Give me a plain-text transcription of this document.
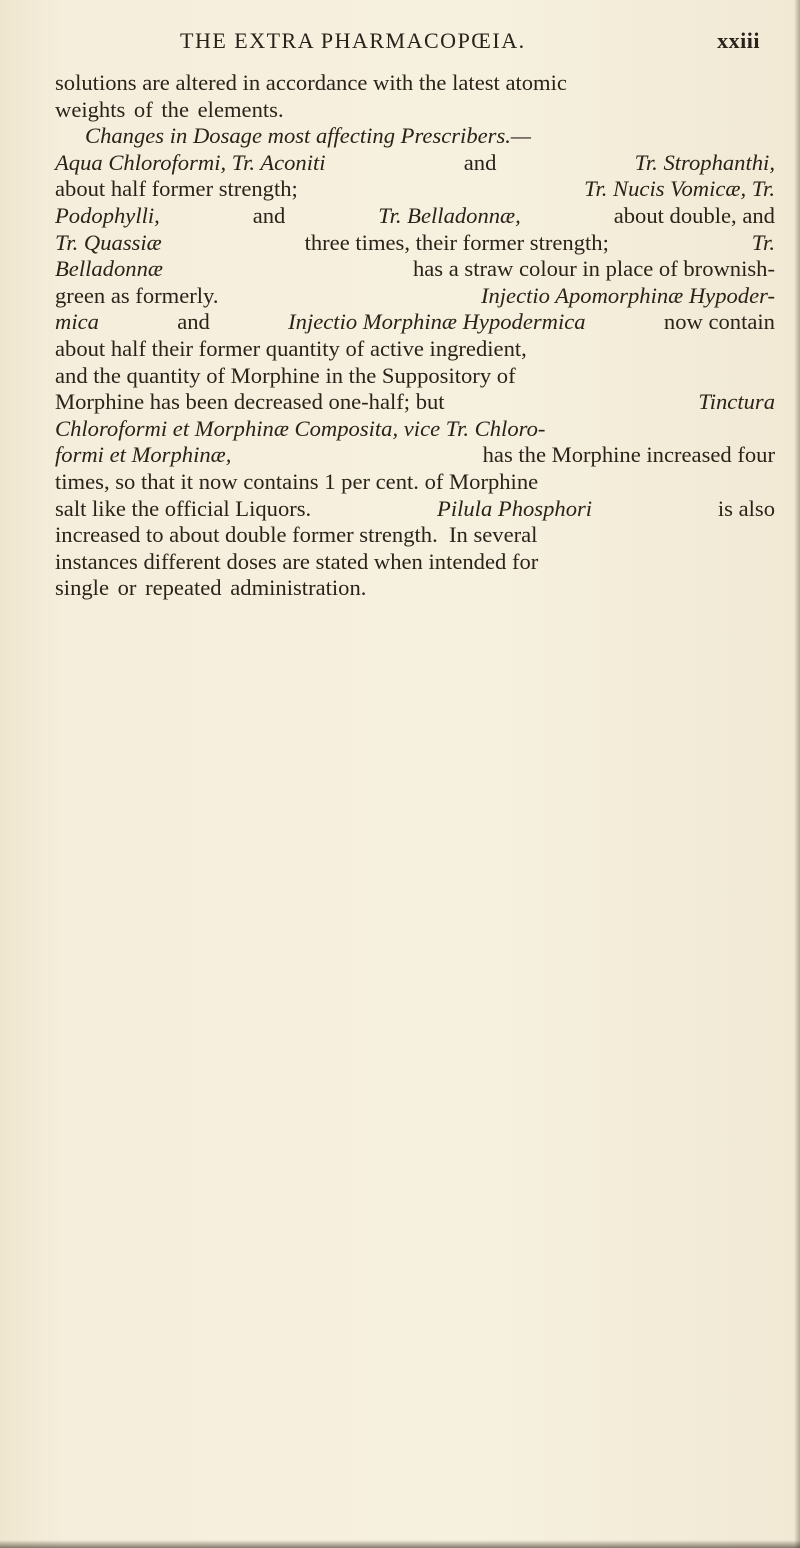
THE EXTRA PHARMACOPŒIA.	xxiii
solutions are altered in accordance with the latest atomic
weights of the elements.
Changes in Dosage most affecting Prescribers.—
Aqua Chloroformi, Tr. Aconiti	and	Tr. Strophanthi,
about half former strength;	Tr. Nucis Vomicæ, Tr.
Podophylli,	and	Tr. Belladonnæ,	about double, and
Tr. Quassiæ	three times, their former strength;	Tr.
Belladonnæ	has a straw colour in place of brownish-
green as formerly.	Injectio Apomorphinæ Hypoder-
mica	and	Injectio Morphinæ Hypodermica	now contain
about half their former quantity of active ingredient,
and the quantity of Morphine in the Suppository of
Morphine has been decreased one-half; but	Tinctura
Chloroformi et Morphinæ Composita, vice Tr. Chloro-
formi et Morphinæ,	has the Morphine increased four
times, so that it now contains 1 per cent. of Morphine
salt like the official Liquors.	Pilula Phosphori	is also
increased to about double former strength.  In several
instances different doses are stated when intended for
single or repeated administration.
